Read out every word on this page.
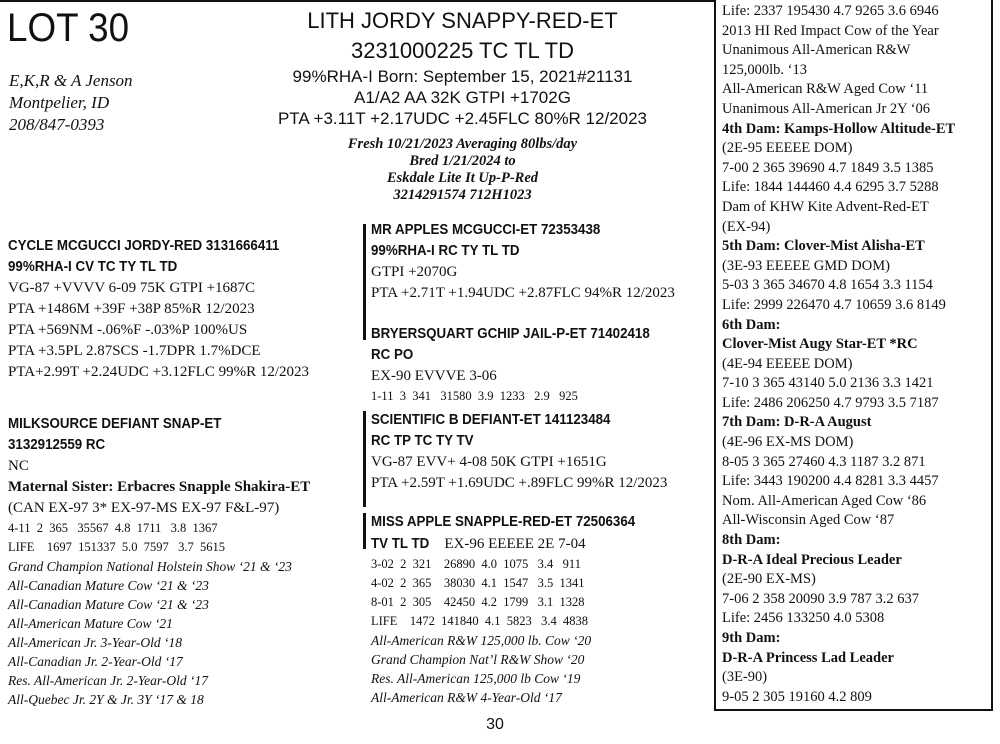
LOT 30
E,K,R & A Jenson
Montpelier, ID
208/847-0393
LITH JORDY SNAPPY-RED-ET
3231000225 TC TL TD
99%RHA-I Born: September 15, 2021#21131
A1/A2 AA 32K GTPI +1702G
PTA +3.11T +2.17UDC +2.45FLC 80%R 12/2023
Fresh 10/21/2023 Averaging 80lbs/day
Bred 1/21/2024 to
Eskdale Lite It Up-P-Red
3214291574 712H1023
CYCLE MCGUCCI JORDY-RED 3131666411
99%RHA-I CV TC TY TL TD
VG-87 +VVVV 6-09 75K GTPI +1687C
PTA +1486M +39F +38P 85%R 12/2023
PTA +569NM -.06%F -.03%P 100%US
PTA +3.5PL 2.87SCS -1.7DPR 1.7%DCE
PTA+2.99T +2.24UDC +3.12FLC 99%R 12/2023
MILKSOURCE DEFIANT SNAP-ET
3132912559 RC
NC
Maternal Sister: Erbacres Snapple Shakira-ET
(CAN EX-97 3* EX-97-MS EX-97 F&L-97)
4-11  2  365   35567  4.8  1711   3.8  1367
LIFE    1697  151337  5.0  7597   3.7  5615
Grand Champion National Holstein Show ‘21 & ‘23
All-Canadian Mature Cow ‘21 & ‘23
All-Canadian Mature Cow ‘21 & ‘23
All-American Mature Cow ‘21
All-American Jr. 3-Year-Old ‘18
All-Canadian Jr. 2-Year-Old ‘17
Res. All-American Jr. 2-Year-Old ‘17
All-Quebec Jr. 2Y & Jr. 3Y ‘17 & 18
MR APPLES MCGUCCI-ET 72353438
99%RHA-I RC TY TL TD
GTPI +2070G
PTA +2.71T +1.94UDC +2.87FLC 94%R 12/2023
BRYERSQUART GCHIP JAIL-P-ET 71402418
RC PO
EX-90 EVVVE 3-06
1-11  3  341   31580  3.9  1233   2.9   925
SCIENTIFIC B DEFIANT-ET 141123484
RC TP TC TY TV
VG-87 EVV+ 4-08 50K GTPI +1651G
PTA +2.59T +1.69UDC +.89FLC 99%R 12/2023
MISS APPLE SNAPPLE-RED-ET 72506364
TV TL TD EX-96 EEEEE 2E 7-04
3-02  2  321    26890  4.0  1075   3.4   911
4-02  2  365    38030  4.1  1547   3.5  1341
8-01  2  305    42450  4.2  1799   3.1  1328
LIFE    1472  141840  4.1  5823   3.4  4838
All-American R&W 125,000 lb. Cow ‘20
Grand Champion Nat’l R&W Show ‘20
Res. All-American 125,000 lb Cow ‘19
All-American R&W 4-Year-Old ‘17
Life: 2337 195430 4.7 9265 3.6 6946
2013 HI Red Impact Cow of the Year
Unanimous All-American R&W
125,000lb. ‘13
All-American R&W Aged Cow ‘11
Unanimous All-American Jr 2Y ‘06
4th Dam: Kamps-Hollow Altitude-ET
(2E-95 EEEEE DOM)
7-00 2 365 39690 4.7 1849 3.5 1385
Life: 1844 144460 4.4 6295 3.7 5288
Dam of KHW Kite Advent-Red-ET
(EX-94)
5th Dam: Clover-Mist Alisha-ET
(3E-93 EEEEE GMD DOM)
5-03 3 365 34670 4.8 1654 3.3 1154
Life: 2999 226470 4.7 10659 3.6 8149
6th Dam:
Clover-Mist Augy Star-ET *RC
(4E-94 EEEEE DOM)
7-10 3 365 43140 5.0 2136 3.3 1421
Life: 2486 206250 4.7 9793 3.5 7187
7th Dam: D-R-A August
(4E-96 EX-MS DOM)
8-05 3 365 27460 4.3 1187 3.2 871
Life: 3443 190200 4.4 8281 3.3 4457
Nom. All-American Aged Cow ‘86
All-Wisconsin Aged Cow ‘87
8th Dam:
D-R-A Ideal Precious Leader
(2E-90 EX-MS)
7-06 2 358 20090 3.9 787 3.2 637
Life: 2456 133250 4.0 5308
9th Dam:
D-R-A Princess Lad Leader
(3E-90)
9-05 2 305 19160 4.2 809
30
